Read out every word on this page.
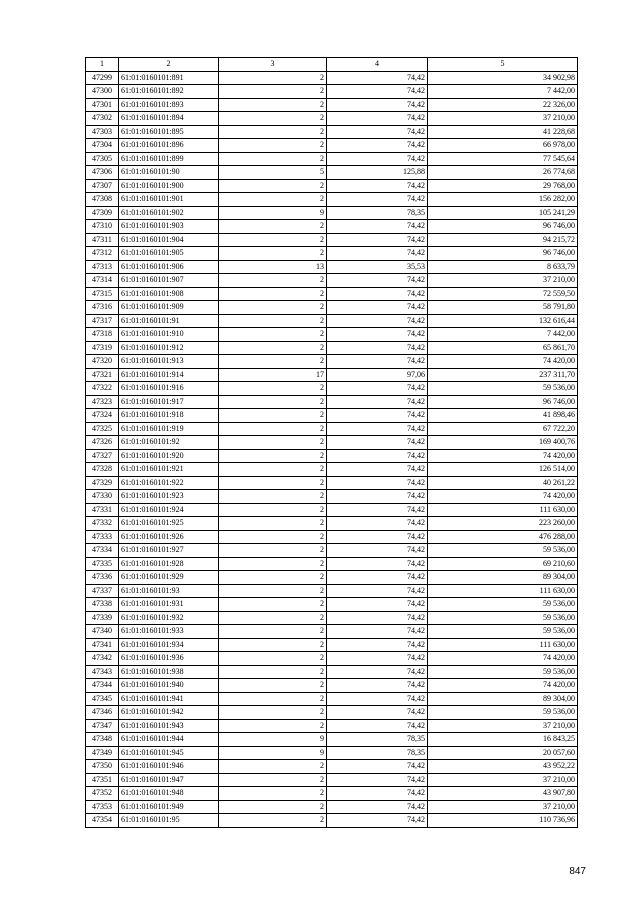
1	2	3	4	5
47299	61:01:0160101:891	2	74,42	34 902,98
47300	61:01:0160101:892	2	74,42	7 442,00
47301	61:01:0160101:893	2	74,42	22 326,00
47302	61:01:0160101:894	2	74,42	37 210,00
47303	61:01:0160101:895	2	74,42	41 228,68
47304	61:01:0160101:896	2	74,42	66 978,00
47305	61:01:0160101:899	2	74,42	77 545,64
47306	61:01:0160101:90	5	125,88	26 774,68
47307	61:01:0160101:900	2	74,42	29 768,00
47308	61:01:0160101:901	2	74,42	156 282,00
47309	61:01:0160101:902	9	78,35	105 241,29
47310	61:01:0160101:903	2	74,42	96 746,00
47311	61:01:0160101:904	2	74,42	94 215,72
47312	61:01:0160101:905	2	74,42	96 746,00
47313	61:01:0160101:906	13	35,53	8 633,79
47314	61:01:0160101:907	2	74,42	37 210,00
47315	61:01:0160101:908	2	74,42	72 559,50
47316	61:01:0160101:909	2	74,42	58 791,80
47317	61:01:0160101:91	2	74,42	132 616,44
47318	61:01:0160101:910	2	74,42	7 442,00
47319	61:01:0160101:912	2	74,42	65 861,70
47320	61:01:0160101:913	2	74,42	74 420,00
47321	61:01:0160101:914	17	97,06	237 311,70
47322	61:01:0160101:916	2	74,42	59 536,00
47323	61:01:0160101:917	2	74,42	96 746,00
47324	61:01:0160101:918	2	74,42	41 898,46
47325	61:01:0160101:919	2	74,42	67 722,20
47326	61:01:0160101:92	2	74,42	169 400,76
47327	61:01:0160101:920	2	74,42	74 420,00
47328	61:01:0160101:921	2	74,42	126 514,00
47329	61:01:0160101:922	2	74,42	40 261,22
47330	61:01:0160101:923	2	74,42	74 420,00
47331	61:01:0160101:924	2	74,42	111 630,00
47332	61:01:0160101:925	2	74,42	223 260,00
47333	61:01:0160101:926	2	74,42	476 288,00
47334	61:01:0160101:927	2	74,42	59 536,00
47335	61:01:0160101:928	2	74,42	69 210,60
47336	61:01:0160101:929	2	74,42	89 304,00
47337	61:01:0160101:93	2	74,42	111 630,00
47338	61:01:0160101:931	2	74,42	59 536,00
47339	61:01:0160101:932	2	74,42	59 536,00
47340	61:01:0160101:933	2	74,42	59 536,00
47341	61:01:0160101:934	2	74,42	111 630,00
47342	61:01:0160101:936	2	74,42	74 420,00
47343	61:01:0160101:938	2	74,42	59 536,00
47344	61:01:0160101:940	2	74,42	74 420,00
47345	61:01:0160101:941	2	74,42	89 304,00
47346	61:01:0160101:942	2	74,42	59 536,00
47347	61:01:0160101:943	2	74,42	37 210,00
47348	61:01:0160101:944	9	78,35	16 843,25
47349	61:01:0160101:945	9	78,35	20 057,60
47350	61:01:0160101:946	2	74,42	43 952,22
47351	61:01:0160101:947	2	74,42	37 210,00
47352	61:01:0160101:948	2	74,42	43 907,80
47353	61:01:0160101:949	2	74,42	37 210,00
47354	61:01:0160101:95	2	74,42	110 736,96
847
